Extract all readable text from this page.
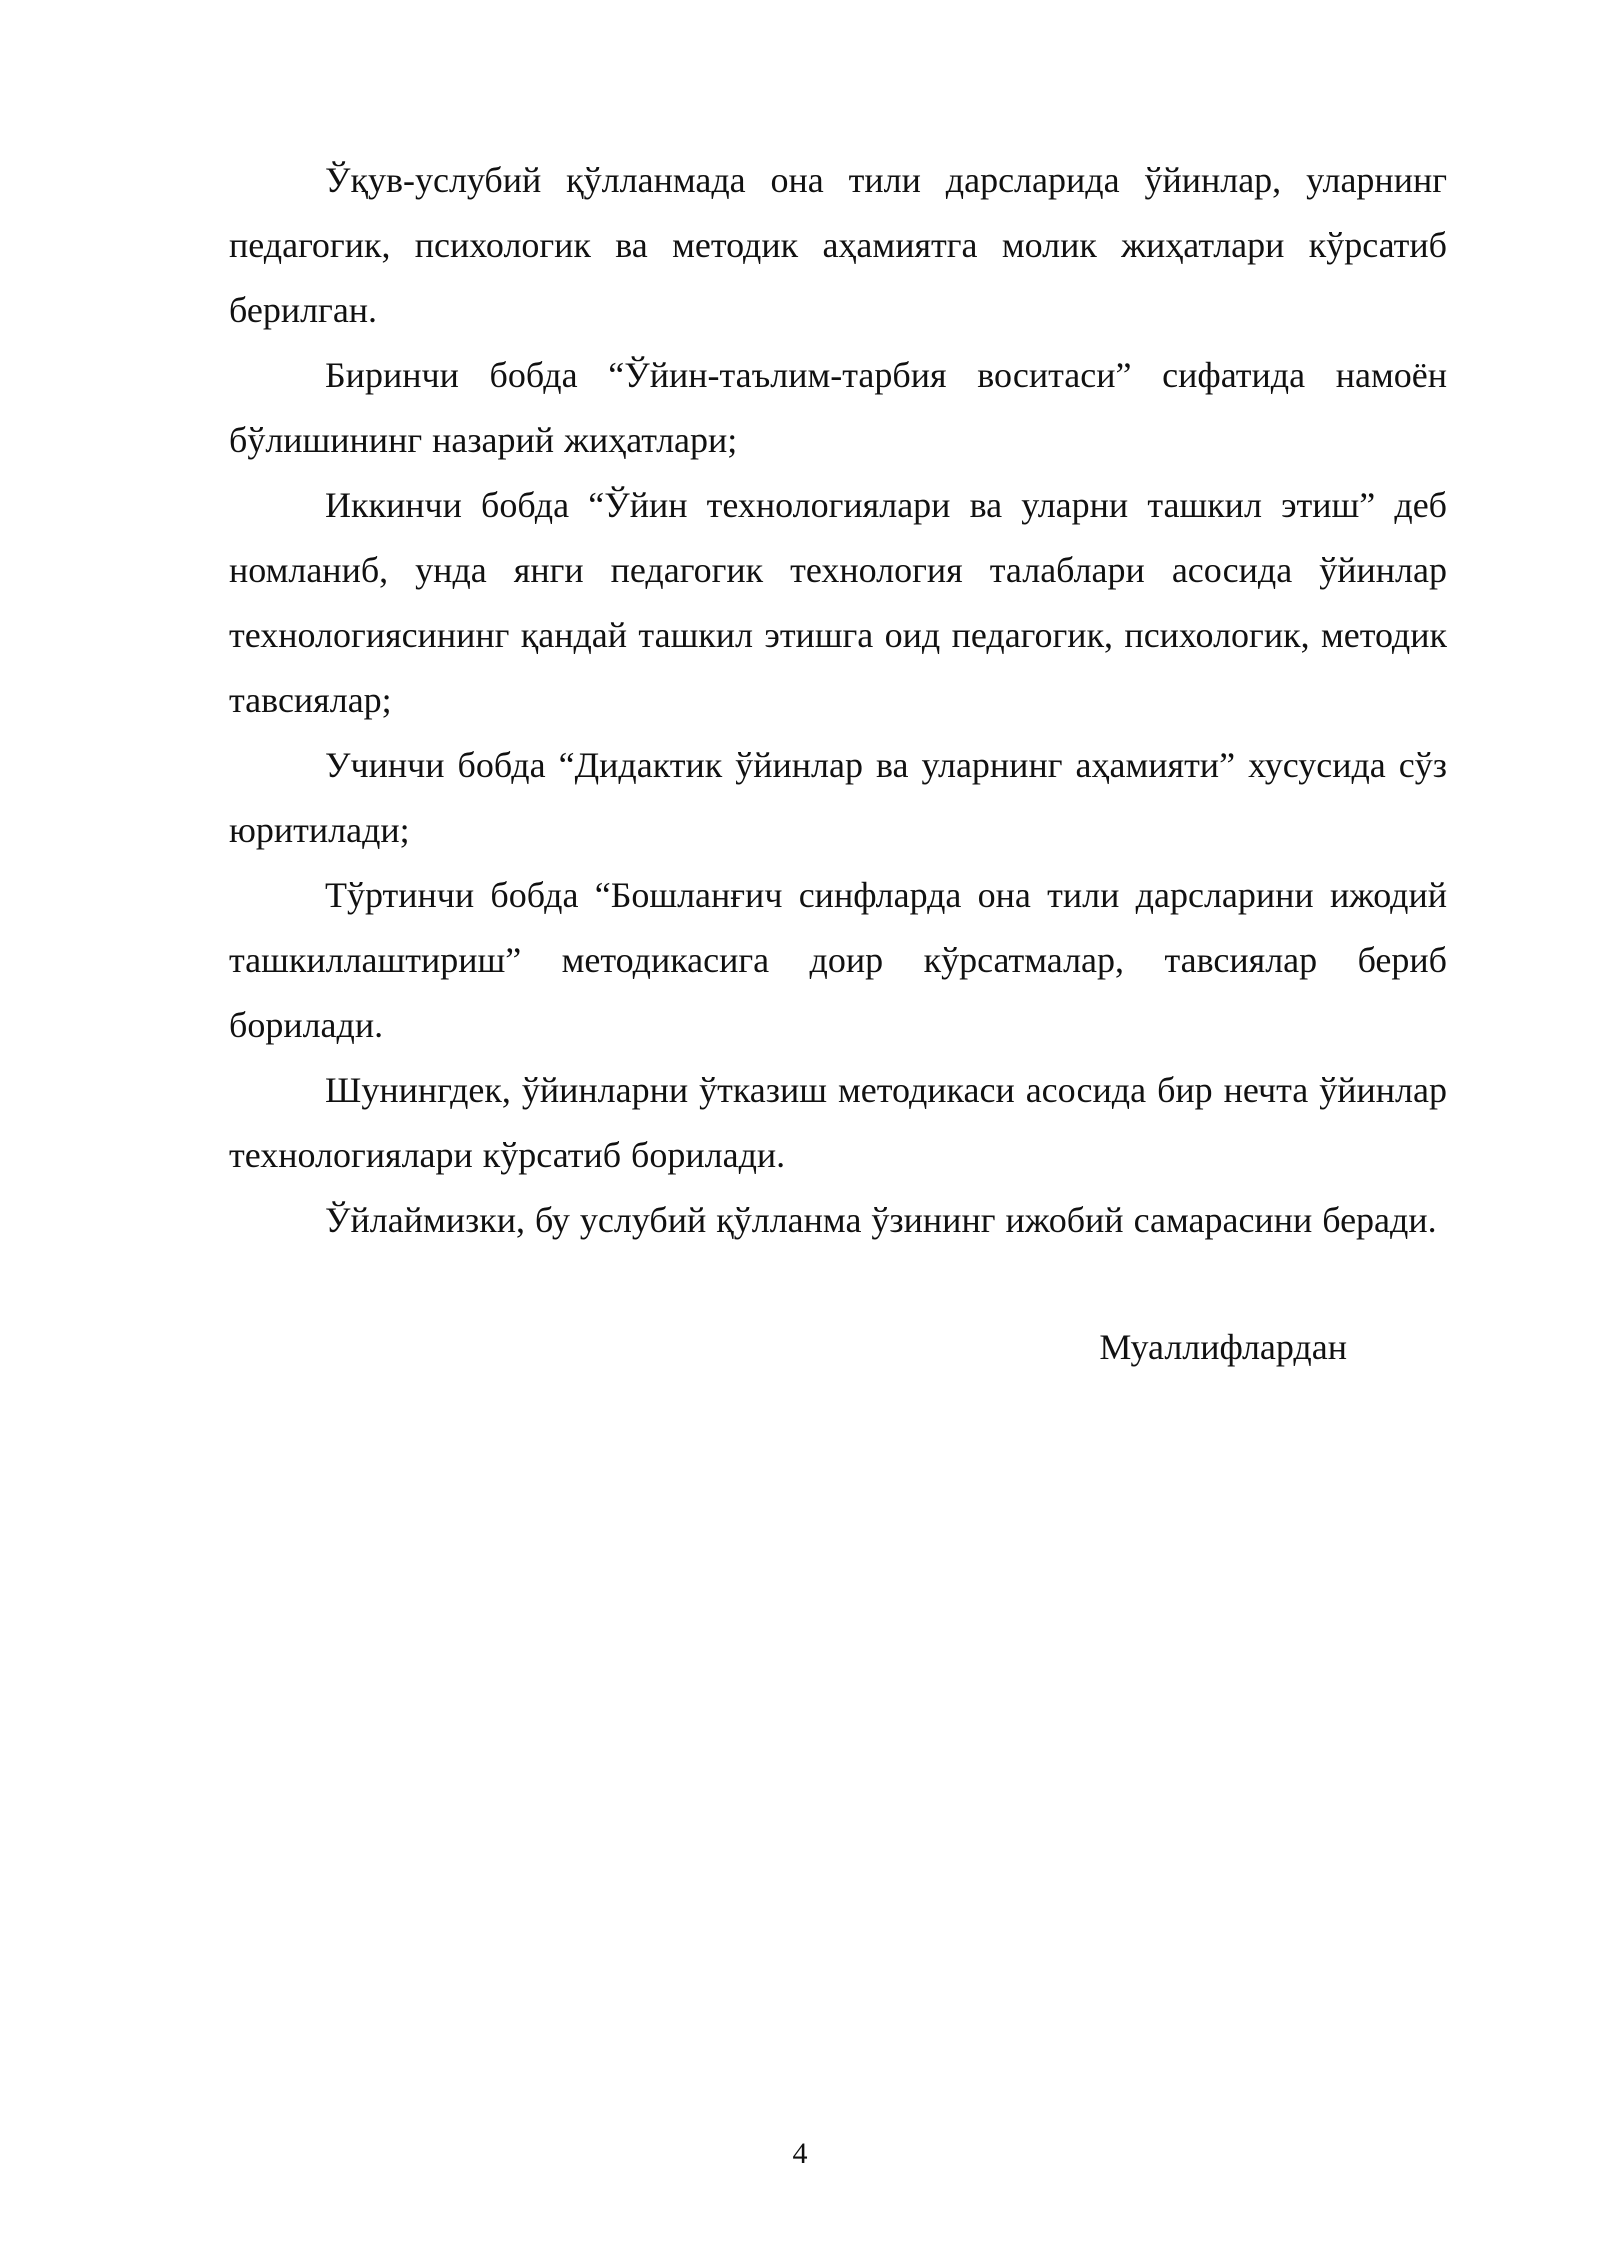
Ўқув-услубий қўлланмада она тили дарсларида ўйинлар, уларнинг педагогик, психологик ва методик аҳамиятга молик жиҳатлари кўрсатиб берилган.

Биринчи бобда “Ўйин-таълим-тарбия воситаси” сифатида намоён бўлишининг назарий жиҳатлари;

Иккинчи бобда “Ўйин технологиялари ва уларни ташкил этиш” деб номланиб, унда янги педагогик технология талаблари асосида ўйинлар технологиясининг қандай ташкил этишга оид педагогик, психологик, методик тавсиялар;

Учинчи бобда “Дидактик ўйинлар ва уларнинг аҳамияти” хусусида сўз юритилади;

Тўртинчи бобда “Бошланғич синфларда она тили дарсларини ижодий ташкиллаштириш” методикасига доир кўрсатмалар, тавсиялар бериб борилади.

Шунингдек, ўйинларни ўтказиш методикаси асосида бир нечта ўйинлар технологиялари кўрсатиб борилади.

Ўйлаймизки, бу услубий қўлланма ўзининг ижобий самарасини беради.

Муаллифлардан

4
